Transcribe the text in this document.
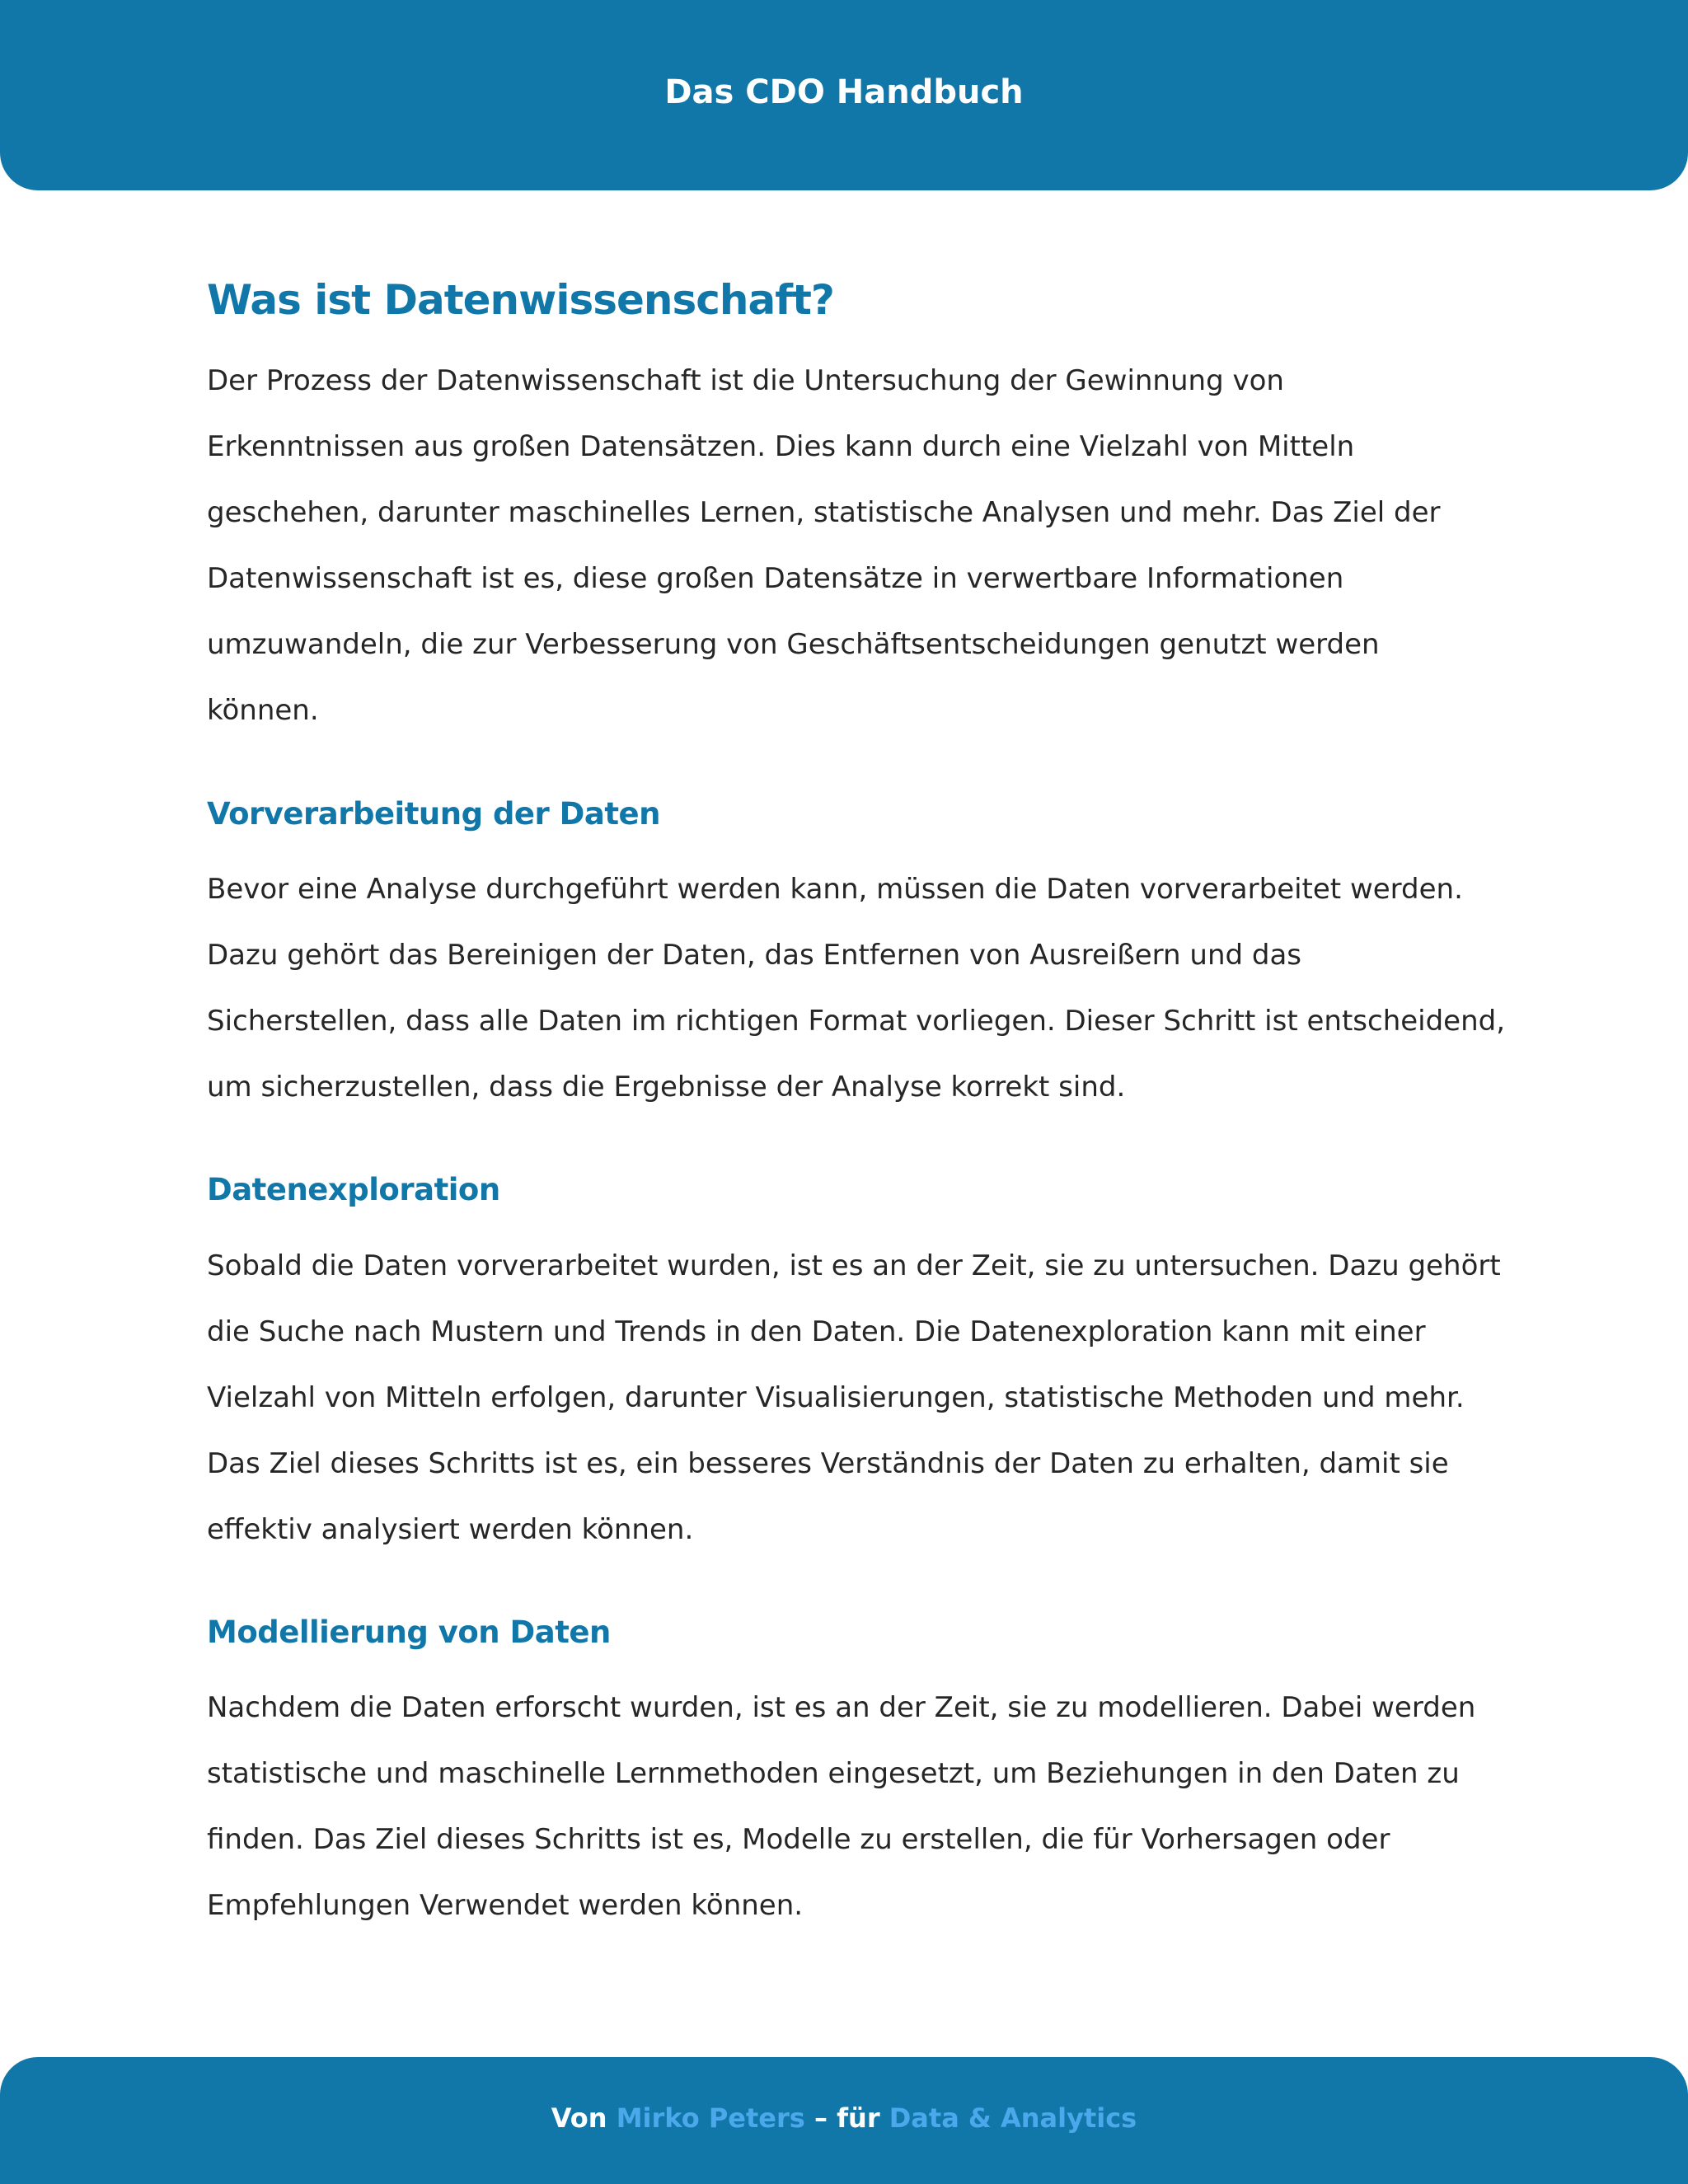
Das CDO Handbuch
Was ist Datenwissenschaft?
Der Prozess der Datenwissenschaft ist die Untersuchung der Gewinnung von
Erkenntnissen aus großen Datensätzen. Dies kann durch eine Vielzahl von Mitteln
geschehen, darunter maschinelles Lernen, statistische Analysen und mehr. Das Ziel der
Datenwissenschaft ist es, diese großen Datensätze in verwertbare Informationen
umzuwandeln, die zur Verbesserung von Geschäftsentscheidungen genutzt werden
können.
Vorverarbeitung der Daten
Bevor eine Analyse durchgeführt werden kann, müssen die Daten vorverarbeitet werden.
Dazu gehört das Bereinigen der Daten, das Entfernen von Ausreißern und das
Sicherstellen, dass alle Daten im richtigen Format vorliegen. Dieser Schritt ist entscheidend,
um sicherzustellen, dass die Ergebnisse der Analyse korrekt sind.
Datenexploration
Sobald die Daten vorverarbeitet wurden, ist es an der Zeit, sie zu untersuchen. Dazu gehört
die Suche nach Mustern und Trends in den Daten. Die Datenexploration kann mit einer
Vielzahl von Mitteln erfolgen, darunter Visualisierungen, statistische Methoden und mehr.
Das Ziel dieses Schritts ist es, ein besseres Verständnis der Daten zu erhalten, damit sie
effektiv analysiert werden können.
Modellierung von Daten
Nachdem die Daten erforscht wurden, ist es an der Zeit, sie zu modellieren. Dabei werden
statistische und maschinelle Lernmethoden eingesetzt, um Beziehungen in den Daten zu
finden. Das Ziel dieses Schritts ist es, Modelle zu erstellen, die für Vorhersagen oder
Empfehlungen Verwendet werden können.
Von Mirko Peters – für Data & Analytics
